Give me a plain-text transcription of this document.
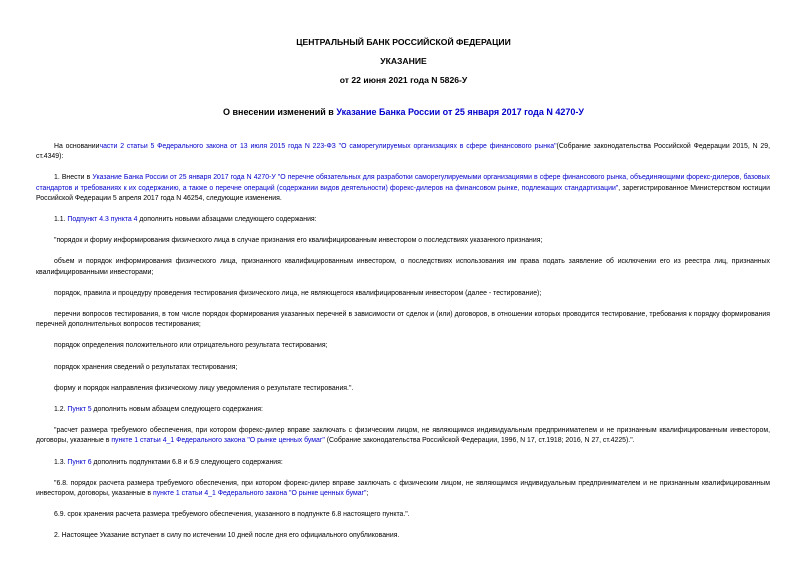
ЦЕНТРАЛЬНЫЙ БАНК РОССИЙСКОЙ ФЕДЕРАЦИИ
УКАЗАНИЕ
от 22 июня 2021 года N 5826-У
О внесении изменений в Указание Банка России от 25 января 2017 года N 4270-У

На основаниичасти 2 статьи 5 Федерального закона от 13 июля 2015 года N 223-ФЗ "О саморегулируемых организациях в сфере финансового рынка"(Собрание законодательства Российской Федерации 2015, N 29, ст.4349):

1. Внести в Указание Банка России от 25 января 2017 года N 4270-У "О перечне обязательных для разработки саморегулируемыми организациями в сфере финансового рынка, объединяющими форекс-дилеров, базовых стандартов и требованиях к их содержанию, а также о перечне операций (содержании видов деятельности) форекс-дилеров на финансовом рынке, подлежащих стандартизации", зарегистрированное Министерством юстиции Российской Федерации 5 апреля 2017 года N 46254, следующие изменения.

1.1. Подпункт 4.3 пункта 4 дополнить новыми абзацами следующего содержания:

"порядок и форму информирования физического лица в случае признания его квалифицированным инвестором о последствиях указанного признания;

объем и порядок информирования физического лица, признанного квалифицированным инвестором, о последствиях использования им права подать заявление об исключении его из реестра лиц, признанных квалифицированными инвесторами;

порядок, правила и процедуру проведения тестирования физического лица, не являющегося квалифицированным инвестором (далее - тестирование);

перечни вопросов тестирования, в том числе порядок формирования указанных перечней в зависимости от сделок и (или) договоров, в отношении которых проводится тестирование, требования к порядку формирования перечней дополнительных вопросов тестирования;

порядок определения положительного или отрицательного результата тестирования;

порядок хранения сведений о результатах тестирования;

форму и порядок направления физическому лицу уведомления о результате тестирования.".

1.2. Пункт 5 дополнить новым абзацем следующего содержания:

"расчет размера требуемого обеспечения, при котором форекс-дилер вправе заключать с физическим лицом, не являющимся индивидуальным предпринимателем и не признанным квалифицированным инвестором, договоры, указанные в пункте 1 статьи 4_1 Федерального закона "О рынке ценных бумаг" (Собрание законодательства Российской Федерации, 1996, N 17, ст.1918; 2016, N 27, ст.4225).".

1.3. Пункт 6 дополнить подпунктами 6.8 и 6.9 следующего содержания:

"6.8. порядок расчета размера требуемого обеспечения, при котором форекс-дилер вправе заключать с физическим лицом, не являющимся индивидуальным предпринимателем и не признанным квалифицированным инвестором, договоры, указанные в пункте 1 статьи 4_1 Федерального закона "О рынке ценных бумаг";

6.9. срок хранения расчета размера требуемого обеспечения, указанного в подпункте 6.8 настоящего пункта.".

2. Настоящее Указание вступает в силу по истечении 10 дней после дня его официального опубликования.
